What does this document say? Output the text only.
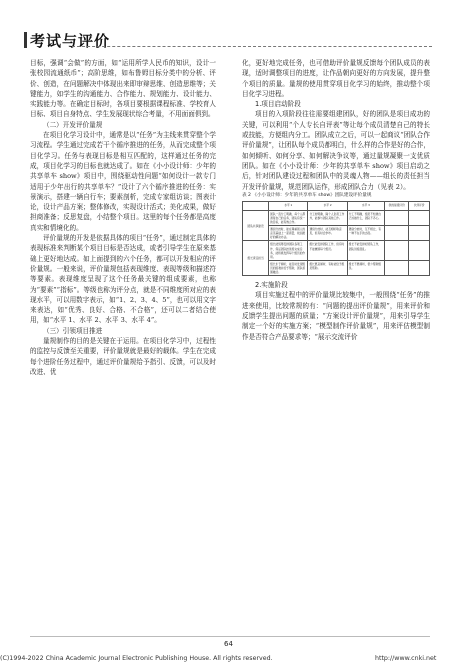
考试与评价

目标，强调“会做”的方面，如“运用所学人民币的知识，设计一张校园流通纸币”；高阶思维，如布鲁姆目标分类中的分析、评价、创造，在问题解决中体现出来即审辩思维、创造思维等；关键能力，如学生的沟通能力、合作能力、规划能力、设计能力、实践能力等。在确定目标时，各项目要根据课程标准、学校育人目标、项目自身特点、学生发展现状综合考量，不用面面俱到。

（二）开发评价量规

在项目化学习设计中，通常是以“任务”为主线来贯穿整个学习流程。学生通过完成若干个循序推进的任务，从而完成整个项目化学习。任务与表现目标是相互匹配的，这样通过任务的完成，项目化学习的目标也就达成了。如在《小小设计师：少年的共享单车 show》项目中，围绕驱动性问题“如何设计一款专门适用于少年出行的共享单车？”设计了六个循序推进的任务：实景演示，搭建一辆自行车；要素剖析，完成专家组访谈；图表计论，设计产品方案；整体修改，实现设计活式；美化成果，做好担商准备；反思复盘，小结整个项目。这里的每个任务都是高度真实和情境化的。

评价量规的开发是依据具体的项目“任务”，通过制定具体的表现标准来判断某个项目目标是否达成，或者引导学生在原来基础上更好地达成。如上面提到的六个任务，都可以开发相应的评价量规。一般来说，评价量规包括表现维度、表现等级和描述符等要素。表现维度呈现了这个任务最关键的组成要素，也称为“要素”“指标”。等级也称为评分点，就是不同维度所对应的表现水平，可以用数字表示，如“1、2、3、4、5”，也可以用文字来表达，如“优秀、良好、合格、不合格”，还可以二者结合使用，如“水平 1、水平 2、水平 3、水平 4”。

（三）引领项目推进

量规制作的目的是关键在于运用。在项目化学习中，过程性的监控与反馈至关重要，评价量规就是最好的载体。学生在完成每个进阶任务过程中，通过评价量规给予指引、反馈，可以及时改进、优

化，更好地完成任务，也可借助评价量规反馈每个团队成员的表现，适时调整项目的进度，让作品朝向更好的方向发展，提升整个项目的质量。量规的使用贯穿项目化学习的始终，推动整个项目化学习进程。

1.项目启动阶段

项目的入项阶段往往需要组建团队，好的团队是项目成功的关键，可以利用“个人专长自评表”等让每个成员清楚自己的特长或技能，方便组内分工。团队成立之后，可以一起商议“团队合作评价量规”，让团队每个成员都明白，什么样的合作是好的合作，如何倾听、如何分享、如何解决争议等，通过量规凝聚一支优质团队。如在《小小设计师：少年的共享单车 show》项目启动之后，针对团队建设过程和团队中的灵魂人物——组长的责任担当开发评价量规，规范团队运作，形成团队合力（见表 2）。

表 2 《小小设计师：少年的共享单车 show》团队建设评价量规
	水平 1	水平 2	水平 3	我的星级评价	伙伴评价
团队共享建设	团队一直分工明确，每个人都清楚自己的任务，团队有统一的目标，能有效合作。	分工较明确，除个人负责工作外，能参与团队其他工作。	分工不明确，组员不知道自己该做什么，团队不齐心。		
	遇到分歧时，能在尊重别人的意见基础上一起商量，找到最好的解决办法。	遇到分歧时，能互相听取意见，但有时会争吵。	遇到分歧时，互不相让，有一种不在乎的态度。		
组长责任担当	组长能统筹安排团队各项工作，保证团队按进度完成任务，能积极发挥每个组员的作用。	组长能安排团队工作，但有时不能兼顾每个组员。	组长不能安排好团队工作，团队进度混乱。		
	组长乐于倾听，能及时发现组员的困难并给予帮助，团队氛围融洽。	组长愿意倾听，有时能给予组员帮助。	组长不愿倾听，很少帮助组员。		

2.实施阶段

项目实施过程中的评价量规比较集中，一般围绕“任务”的推进来使用，比较常规的有：“问题的提出评价量规”，用来评价和反馈学生提出问题的质量；“方案设计评价量规”，用来引导学生制定一个好的实施方案；“模型制作评价量规”，用来评估模型制作是否符合产品要求等；“展示交流评价

64
(C)1994-2022 China Academic Journal Electronic Publishing House. All rights reserved.	http://www.cnki.net
